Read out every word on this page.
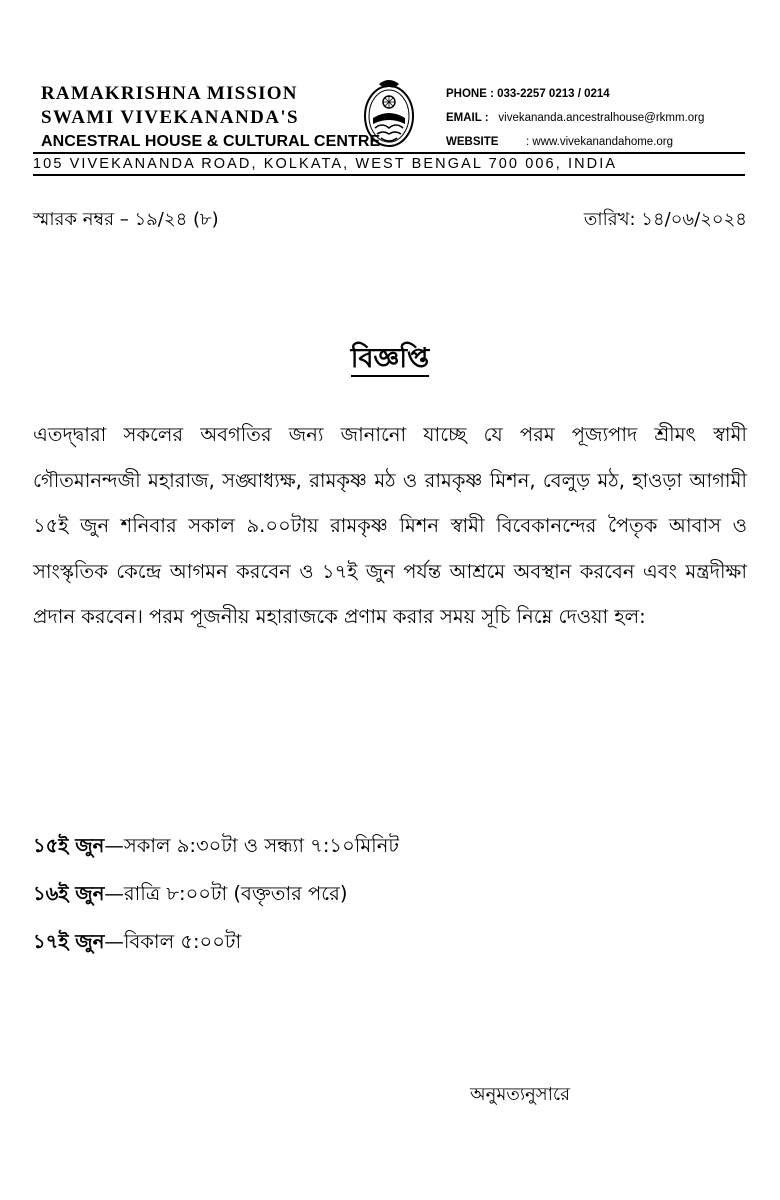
RAMAKRISHNA MISSION
SWAMI VIVEKANANDA'S
ANCESTRAL HOUSE & CULTURAL CENTRE
PHONE :
033-2257 0213 / 0214
EMAIL :
vivekananda.ancestralhouse@rkmm.org
WEBSITE	: www.vivekanandahome.org
105 VIVEKANANDA ROAD, KOLKATA, WEST BENGAL 700 006, INDIA
স্মারক নম্বর – ১৯/২৪ (৮)	তারিখ: ১৪/০৬/২০২৪
বিজ্ঞপ্তি
এতদ্দ্বারা সকলের অবগতির জন্য জানানো যাচ্ছে যে পরম পূজ্যপাদ শ্রীমৎ স্বামী গৌতমানন্দজী মহারাজ, সঙ্ঘাধ্যক্ষ, রামকৃষ্ণ মঠ ও রামকৃষ্ণ মিশন, বেলুড় মঠ, হাওড়া আগামী ১৫ই জুন শনিবার সকাল ৯.০০টায় রামকৃষ্ণ মিশন স্বামী বিবেকানন্দের পৈতৃক আবাস ও সাংস্কৃতিক কেন্দ্রে আগমন করবেন ও ১৭ই জুন পর্যন্ত আশ্রমে অবস্থান করবেন এবং মন্ত্রদীক্ষা প্রদান করবেন। পরম পূজনীয় মহারাজকে প্রণাম করার সময় সূচি নিম্নে দেওয়া হল:
১৫ই জুন—সকাল ৯:৩০টা ও সন্ধ্যা ৭:১০মিনিট
১৬ই জুন—রাত্রি ৮:০০টা (বক্তৃতার পরে)
১৭ই জুন—বিকাল ৫:০০টা
অনুমত্যনুসারে
